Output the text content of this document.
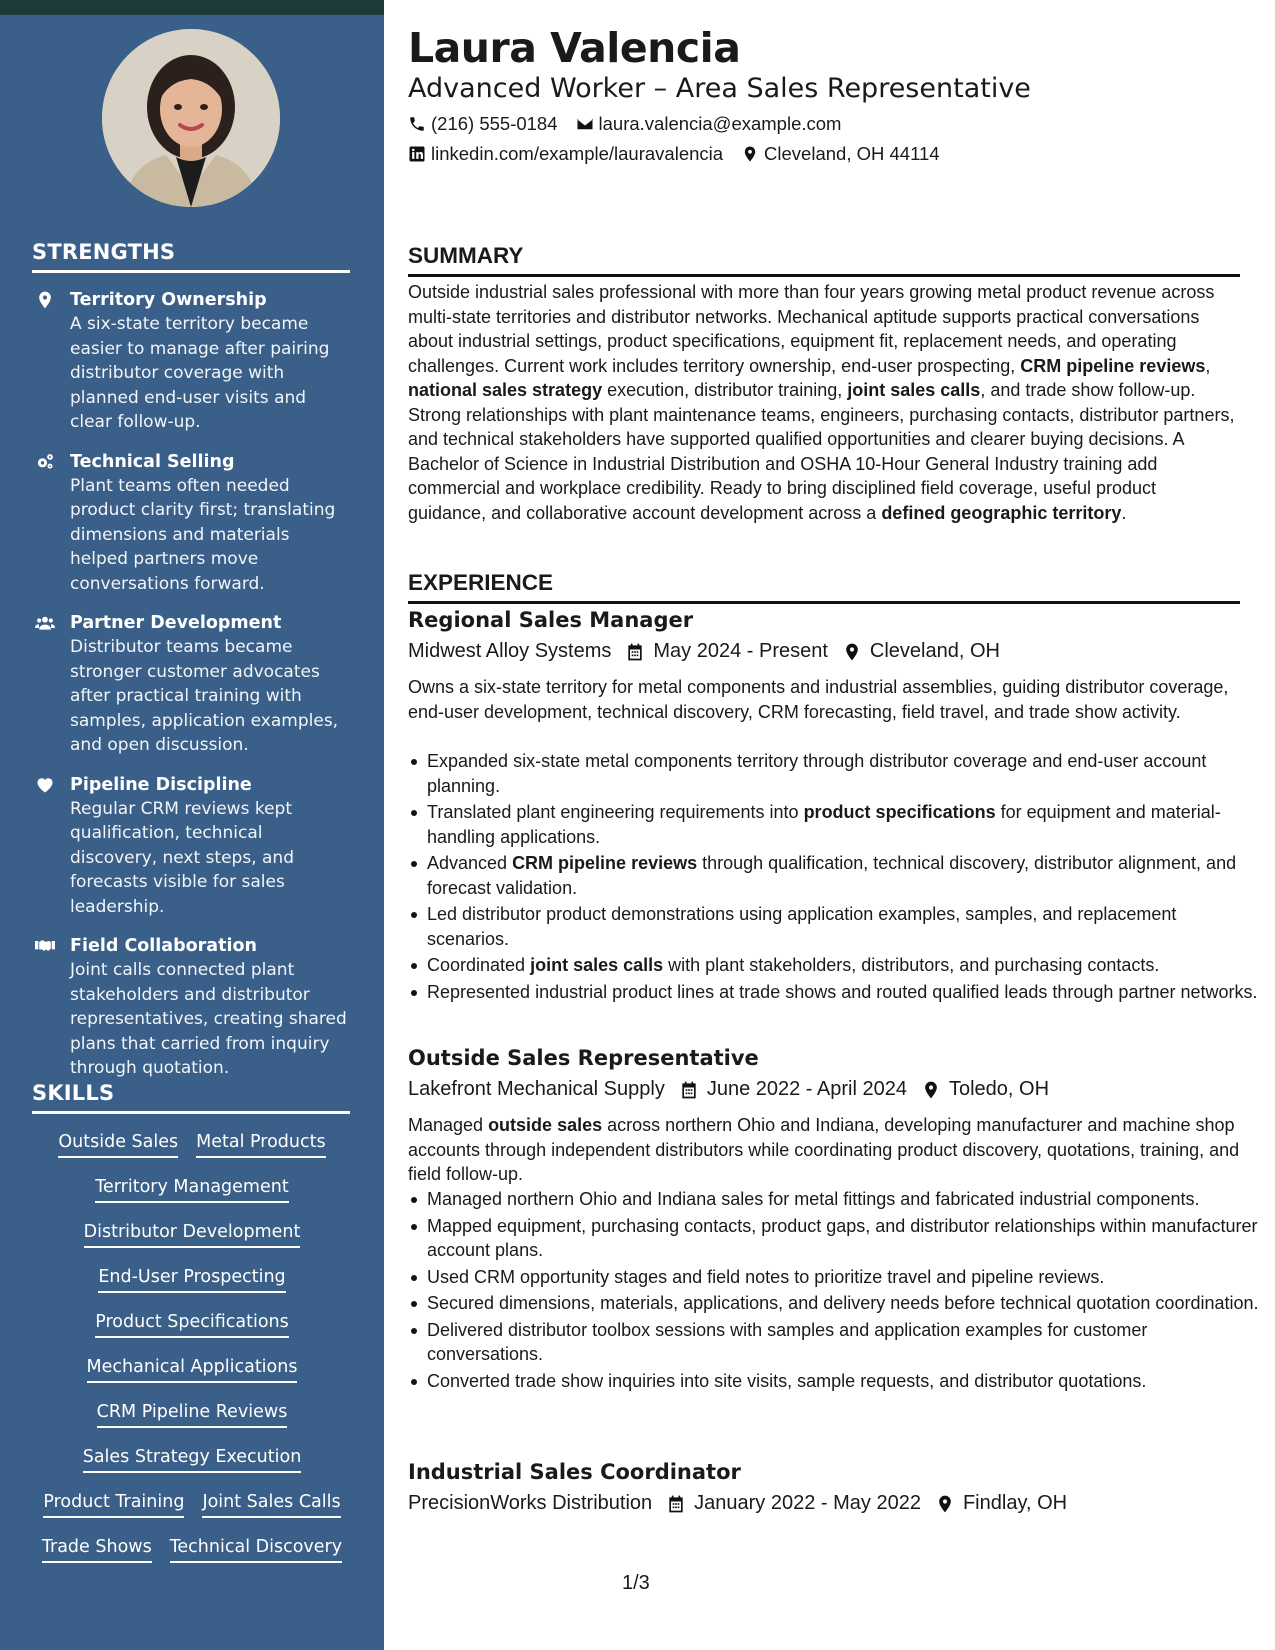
STRENGTHS
Territory Ownership
A six-state territory became easier to manage after pairing distributor coverage with planned end-user visits and clear follow-up.
Technical Selling
Plant teams often needed product clarity first; translating dimensions and materials helped partners move conversations forward.
Partner Development
Distributor teams became stronger customer advocates after practical training with samples, application examples, and open discussion.
Pipeline Discipline
Regular CRM reviews kept qualification, technical discovery, next steps, and forecasts visible for sales leadership.
Field Collaboration
Joint calls connected plant stakeholders and distributor representatives, creating shared plans that carried from inquiry through quotation.
SKILLS
Outside Sales Metal Products
Territory Management
Distributor Development
End-User Prospecting
Product Specifications
Mechanical Applications
CRM Pipeline Reviews
Sales Strategy Execution
Product Training Joint Sales Calls
Trade Shows Technical Discovery
Laura Valencia
Advanced Worker – Area Sales Representative
(216) 555-0184 laura.valencia@example.com
linkedin.com/example/lauravalencia Cleveland, OH 44114
SUMMARY

Outside industrial sales professional with more than four years growing metal product revenue across multi-state territories and distributor networks. Mechanical aptitude supports practical conversations about industrial settings, product specifications, equipment fit, replacement needs, and operating challenges. Current work includes territory ownership, end-user prospecting, CRM pipeline reviews, national sales strategy execution, distributor training, joint sales calls, and trade show follow-up. Strong relationships with plant maintenance teams, engineers, purchasing contacts, distributor partners, and technical stakeholders have supported qualified opportunities and clearer buying decisions. A Bachelor of Science in Industrial Distribution and OSHA 10-Hour General Industry training add commercial and workplace credibility. Ready to bring disciplined field coverage, useful product guidance, and collaborative account development across a defined geographic territory.

EXPERIENCE
Regional Sales Manager
Midwest Alloy Systems May 2024 - Present Cleveland, OH

Owns a six-state territory for metal components and industrial assemblies, guiding distributor coverage, end-user development, technical discovery, CRM forecasting, field travel, and trade show activity.

Expanded six-state metal components territory through distributor coverage and end-user account planning.
Translated plant engineering requirements into product specifications for equipment and material-handling applications.
Advanced CRM pipeline reviews through qualification, technical discovery, distributor alignment, and forecast validation.
Led distributor product demonstrations using application examples, samples, and replacement scenarios.
Coordinated joint sales calls with plant stakeholders, distributors, and purchasing contacts.
Represented industrial product lines at trade shows and routed qualified leads through partner networks.
Outside Sales Representative
Lakefront Mechanical Supply June 2022 - April 2024 Toledo, OH

Managed outside sales across northern Ohio and Indiana, developing manufacturer and machine shop accounts through independent distributors while coordinating product discovery, quotations, training, and field follow-up.

Managed northern Ohio and Indiana sales for metal fittings and fabricated industrial components.
Mapped equipment, purchasing contacts, product gaps, and distributor relationships within manufacturer account plans.
Used CRM opportunity stages and field notes to prioritize travel and pipeline reviews.
Secured dimensions, materials, applications, and delivery needs before technical quotation coordination.
Delivered distributor toolbox sessions with samples and application examples for customer conversations.
Converted trade show inquiries into site visits, sample requests, and distributor quotations.
Industrial Sales Coordinator
PrecisionWorks Distribution January 2022 - May 2022 Findlay, OH
1/3
